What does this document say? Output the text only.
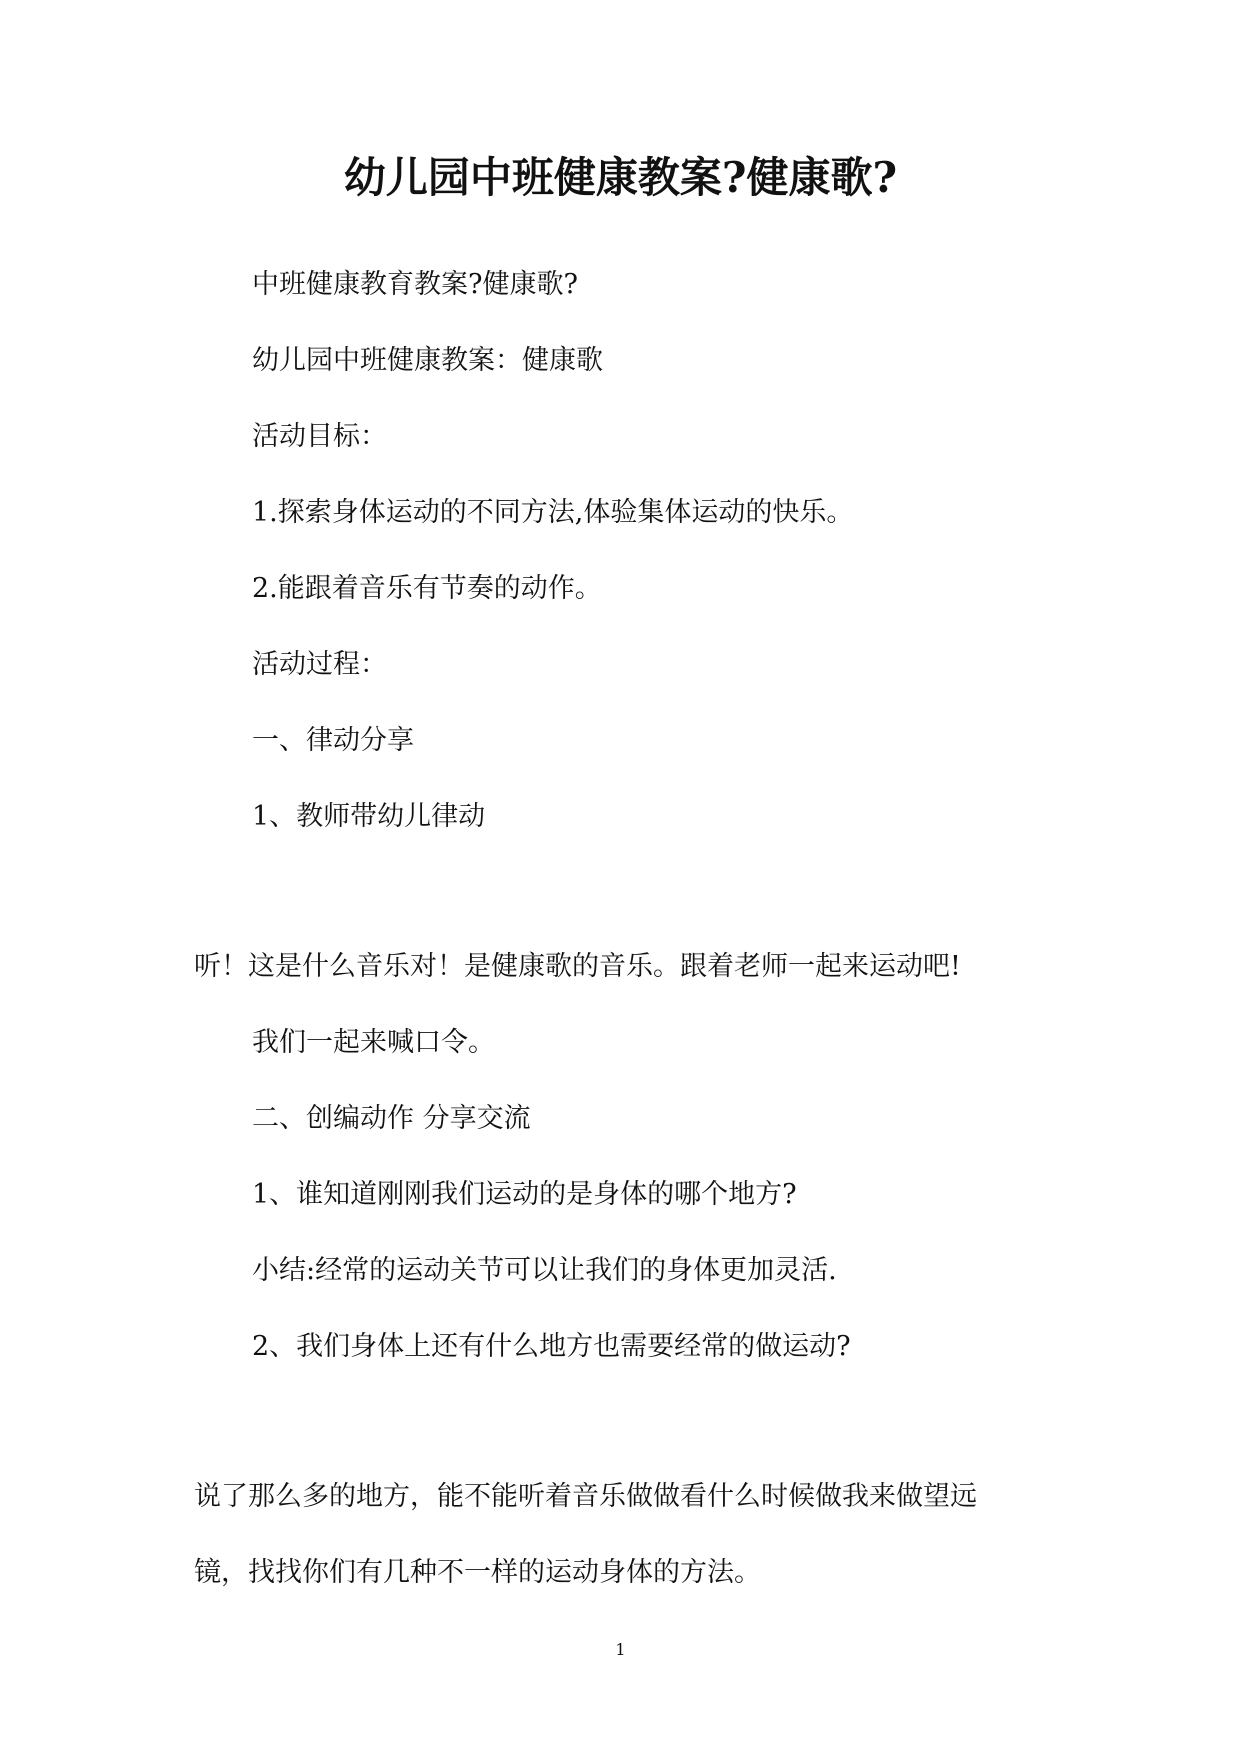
幼儿园中班健康教案?健康歌?
中班健康教育教案?健康歌?
幼儿园中班健康教案：健康歌
活动目标：
1.探索身体运动的不同方法,体验集体运动的快乐。
2.能跟着音乐有节奏的动作。
活动过程：
一、律动分享
1、教师带幼儿律动
听！这是什么音乐对！是健康歌的音乐。跟着老师一起来运动吧!
我们一起来喊口令。
二、创编动作 分享交流
1、谁知道刚刚我们运动的是身体的哪个地方?
小结:经常的运动关节可以让我们的身体更加灵活.
2、我们身体上还有什么地方也需要经常的做运动?
说了那么多的地方，能不能听着音乐做做看什么时候做我来做望远
镜，找找你们有几种不一样的运动身体的方法。
1
